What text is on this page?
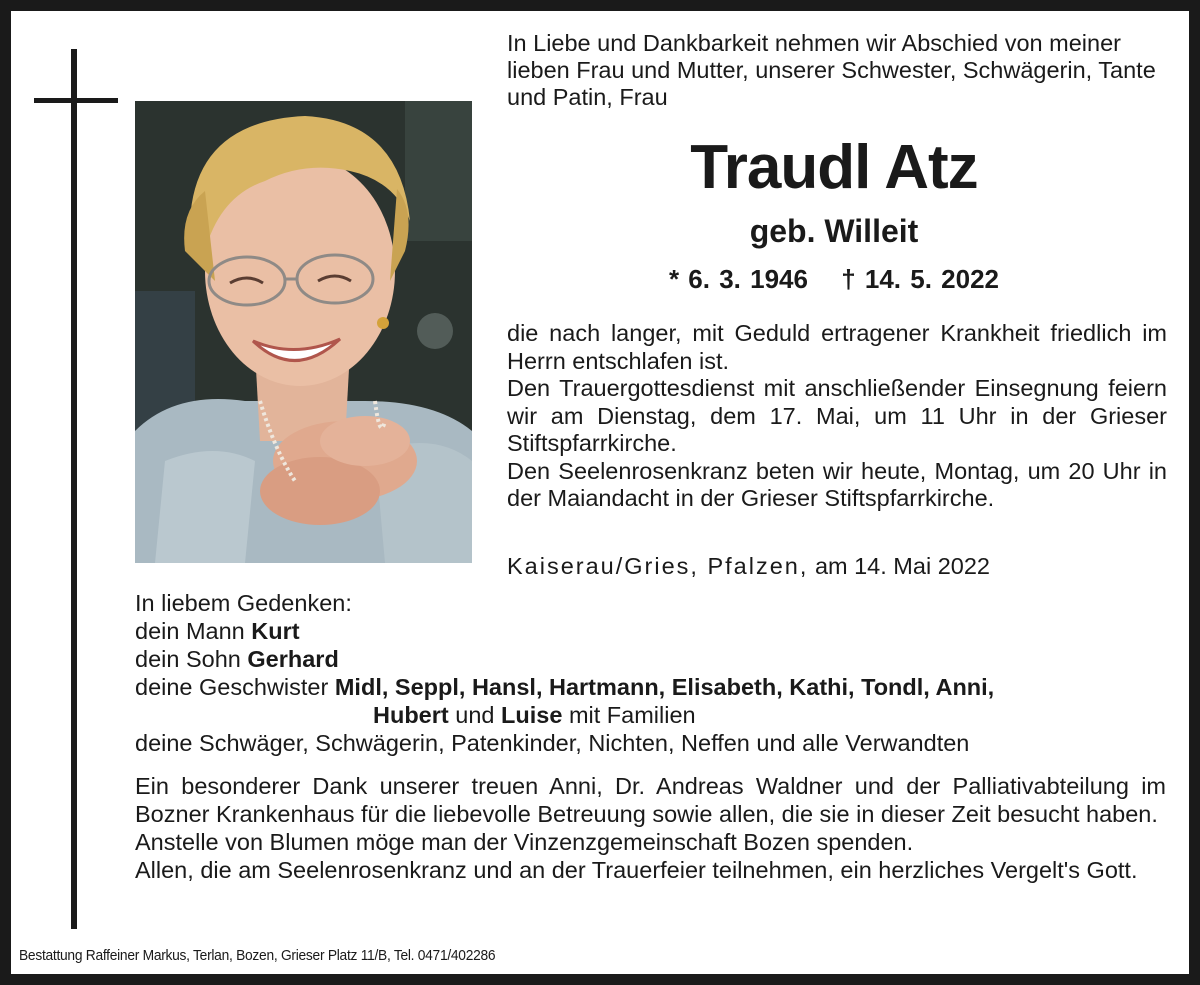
In Liebe und Dankbarkeit nehmen wir Abschied von meiner lieben Frau und Mutter, unserer Schwester, Schwägerin, Tante und Patin, Frau

Traudl Atz
geb. Willeit
* 6. 3. 1946 † 14. 5. 2022

die nach langer, mit Geduld ertragener Krankheit friedlich im Herrn entschlafen ist.

Den Trauergottesdienst mit anschließender Einsegnung feiern wir am Dienstag, dem 17. Mai, um 11 Uhr in der Grieser Stiftspfarrkirche.

Den Seelenrosenkranz beten wir heute, Montag, um 20 Uhr in der Maiandacht in der Grieser Stiftspfarrkirche.

Kaiserau/Gries, Pfalzen, am 14. Mai 2022
In liebem Gedenken:
dein Mann Kurt
dein Sohn Gerhard
deine Geschwister Midl, Seppl, Hansl, Hartmann, Elisabeth, Kathi, Tondl, Anni,
Hubert und Luise mit Familien
deine Schwäger, Schwägerin, Patenkinder, Nichten, Neffen und alle Verwandten

Ein besonderer Dank unserer treuen Anni, Dr. Andreas Waldner und der Palliativabteilung im Bozner Krankenhaus für die liebevolle Betreuung sowie allen, die sie in dieser Zeit besucht haben.

Anstelle von Blumen möge man der Vinzenzgemeinschaft Bozen spenden.

Allen, die am Seelenrosenkranz und an der Trauerfeier teilnehmen, ein herzliches Vergelt's Gott.

Bestattung Raffeiner Markus, Terlan, Bozen, Grieser Platz 11/B, Tel. 0471/402286
